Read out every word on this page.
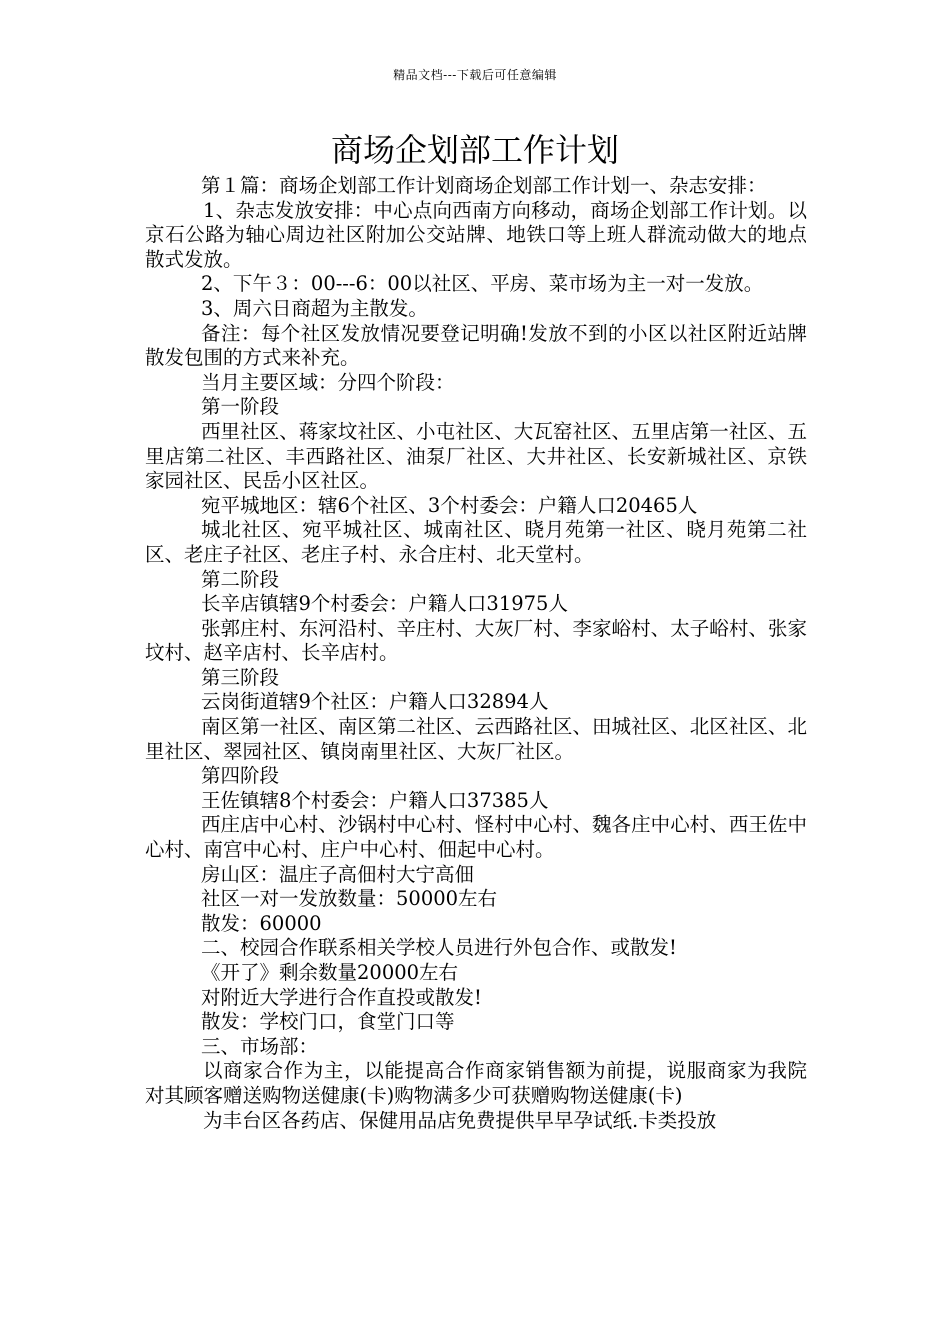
精品文档---下载后可任意编辑
商场企划部工作计划

第１篇：商场企划部工作计划商场企划部工作计划一、杂志安排：

1、杂志发放安排：中心点向西南方向移动，商场企划部工作计划。以京石公路为轴心周边社区附加公交站牌、地铁口等上班人群流动做大的地点散式发放。

2、下午３：00---6：00以社区、平房、菜市场为主一对一发放。

3、周六日商超为主散发。

备注：每个社区发放情况要登记明确!发放不到的小区以社区附近站牌散发包围的方式来补充。

当月主要区域：分四个阶段：

第一阶段

西里社区、蒋家坟社区、小屯社区、大瓦窑社区、五里店第一社区、五里店第二社区、丰西路社区、油泵厂社区、大井社区、长安新城社区、京铁家园社区、民岳小区社区。

宛平城地区：辖6个社区、3个村委会：户籍人口20465人

城北社区、宛平城社区、城南社区、晓月苑第一社区、晓月苑第二社区、老庄子社区、老庄子村、永合庄村、北天堂村。

第二阶段

长辛店镇辖9个村委会：户籍人口31975人

张郭庄村、东河沿村、辛庄村、大灰厂村、李家峪村、太子峪村、张家坟村、赵辛店村、长辛店村。

第三阶段

云岗街道辖9个社区：户籍人口32894人

南区第一社区、南区第二社区、云西路社区、田城社区、北区社区、北里社区、翠园社区、镇岗南里社区、大灰厂社区。

第四阶段

王佐镇辖8个村委会：户籍人口37385人

西庄店中心村、沙锅村中心村、怪村中心村、魏各庄中心村、西王佐中心村、南宫中心村、庄户中心村、佃起中心村。

房山区：温庄子高佃村大宁高佃

社区一对一发放数量：50000左右

散发：60000

二、校园合作联系相关学校人员进行外包合作、或散发!

《开了》剩余数量20000左右

对附近大学进行合作直投或散发!

散发：学校门口，食堂门口等

三、市场部：

以商家合作为主，以能提高合作商家销售额为前提，说服商家为我院对其顾客赠送购物送健康(卡)购物满多少可获赠购物送健康(卡)

为丰台区各药店、保健用品店免费提供早早孕试纸.卡类投放
